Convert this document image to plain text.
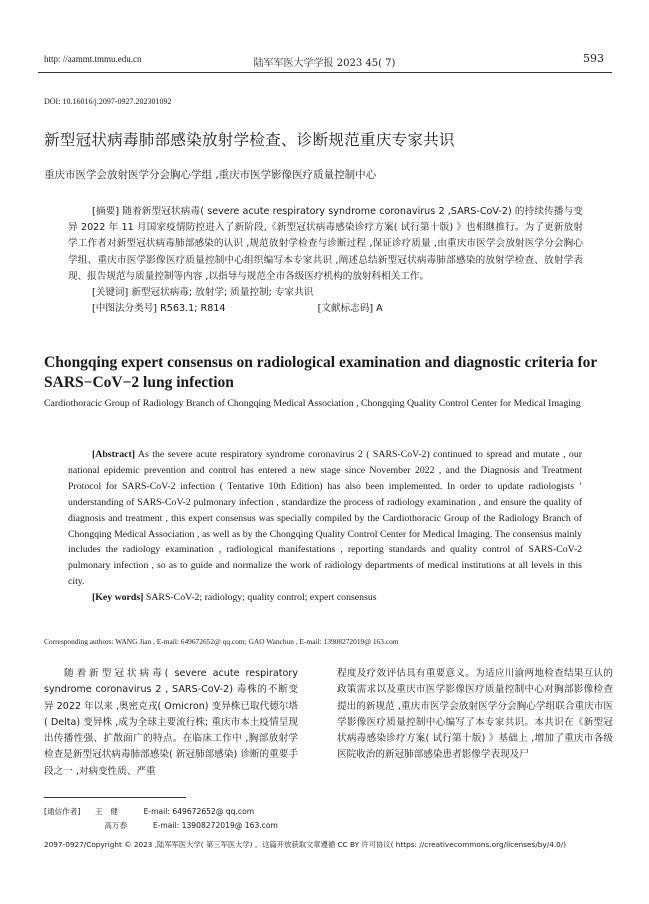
http: //aammt.tmmu.edu.cn	陆军军医大学学报 2023 45( 7)	593
DOI: 10.16016/j.2097-0927.202301092
新型冠状病毒肺部感染放射学检查、诊断规范重庆专家共识
重庆市医学会放射医学分会胸心学组 ,重庆市医学影像医疗质量控制中心

[摘要] 随着新型冠状病毒( severe acute respiratory syndrome coronavirus 2 ,SARS-CoV-2) 的持续传播与变异 2022 年 11 月国家疫情防控进入了新阶段,《新型冠状病毒感染诊疗方案( 试行第十版) 》也相继推行。为了更新放射学工作者对新型冠状病毒肺部感染的认识 ,规范放射学检查与诊断过程 ,保证诊疗质量 ,由重庆市医学会放射医学分会胸心学组、重庆市医学影像医疗质量控制中心组织编写本专家共识 ,阐述总结新型冠状病毒肺部感染的放射学检查、放射学表现、报告规范与质量控制等内容 ,以指导与规范全市各级医疗机构的放射科相关工作。

[关键词] 新型冠状病毒; 放射学; 质量控制; 专家共识

[中图法分类号] R563.1; R814	[文献标志码] A

Chongqing expert consensus on radiological examination and diagnostic criteria for SARS−CoV−2 lung infection
Cardiothoracic Group of Radiology Branch of Chongqing Medical Association , Chongqing Quality Control Center for Medical Imaging

[Abstract] As the severe acute respiratory syndrome coronavirus 2 ( SARS-CoV-2) continued to spread and mutate , our national epidemic prevention and control has entered a new stage since November 2022 , and the Diagnosis and Treatment Protocol for SARS-CoV-2 infection ( Tentative 10th Edition) has also been implemented. In order to update radiologists ’ understanding of SARS-CoV-2 pulmonary infection , standardize the process of radiology examination , and ensure the quality of diagnosis and treatment , this expert consensus was specially compiled by the Cardiothoracic Group of the Radiology Branch of Chongqing Medical Association , as well as by the Chongqing Quality Control Center for Medical Imaging. The consensus mainly includes the radiology examination , radiological manifestations , reporting standards and quality control of SARS-CoV-2 pulmonary infection , so as to guide and normalize the work of radiology departments of medical institutions at all levels in this city.

[Key words] SARS-CoV-2; radiology; quality control; expert consensus

Corresponding authors: WANG Jian , E-mail: 649672652@ qq.com; GAO Wanchun , E-mail: 13908272019@ 163.com

随着新型冠状病毒( severe acute respiratory syndrome coronavirus 2 , SARS-CoV-2) 毒株的不断变异 2022 年以来 ,奥密克戎( Omicron) 变异株已取代德尔塔( Delta) 变异株 ,成为全球主要流行株; 重庆市本土疫情呈现出传播性强、扩散面广的特点。在临床工作中 ,胸部放射学检查是新型冠状病毒肺部感染( 新冠肺部感染) 诊断的重要手段之一 ,对病变性质、严重

程度及疗效评估具有重要意义。为适应川渝两地检查结果互认的政策需求以及重庆市医学影像医疗质量控制中心对胸部影像检查提出的新规范 ,重庆市医学会放射医学分会胸心学组联合重庆市医学影像医疗质量控制中心编写了本专家共识。本共识在《新型冠状病毒感染诊疗方案( 试行第十版) 》基础上 ,增加了重庆市各级医院收治的新冠肺部感染患者影像学表现及尸

[通信作者] 王　健	E-mail: 649672652@ qq.com
高万春	E-mail: 13908272019@ 163.com
2097-0927/Copyright © 2023 ,陆军军医大学( 第三军医大学) 。这篇开放获取文章遵循 CC BY 许可协议( https: //creativecommons.org/licenses/by/4.0/)
